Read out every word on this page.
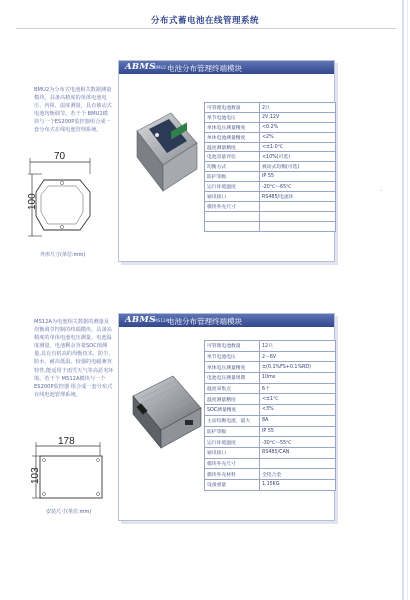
分布式蓄电池在线管理系统
`
BMU2为分布式电池相关数据测量模块，具备高精度的单体电池电压、内阻、温度测量，具有被动式电池均衡调节。若干个 BMU2模块与一个ES200P监控器组合成一套分布式在线电池管理系统。
70
100
外形尺寸(单位:mm)
ABMS
BMU2 电池分布管理终端模块
可管理电池数量	2只
单节电池电压	2V,12V
单体电压测量精度	<0.2%
单体电池测量精度	<2%
温度测量精度	<±1.0℃
电池容量评估	<10%(可选)
均衡方式	被动式均衡(可选)
防护等级	IP 55
运行环境温度	-20℃～65℃
通讯接口	RS485/电流环
模块外壳尺寸	

MS12A为电池相关数据的测量及均衡调节控制的终端模块，具备高精度的单体电池电压测量、电池温度测量、电池剩余容量SOC值测量,具有有机高的均衡技术，防尘，防水，耐高低温，较强的电磁兼容特性,能适用于雨雪天气等高恶劣环境。若干个 MS12A模块与一个ES200P监控器 组合成一套分布式在线电池管理系统。
178
103
安装尺寸(单位:mm)
ABMS
MS12A
电池分布管理终端模块
可管理电池数量	12只
单节电池电压	2～6V
单体电压测量精度	±(0.1%FS+0.1%RD)
电池电压测量周期	10ms
温度采集点	6个
温度测量精度	<±1℃
SOC测量精度	<3%
主动均衡电流，最大	8A
防护等级	IP 55
运行环境温度	-30℃～55℃
通讯接口	RS485/CAN
模块外壳尺寸	
模块外壳材料	全铝合金
设备重量	1.15KG
